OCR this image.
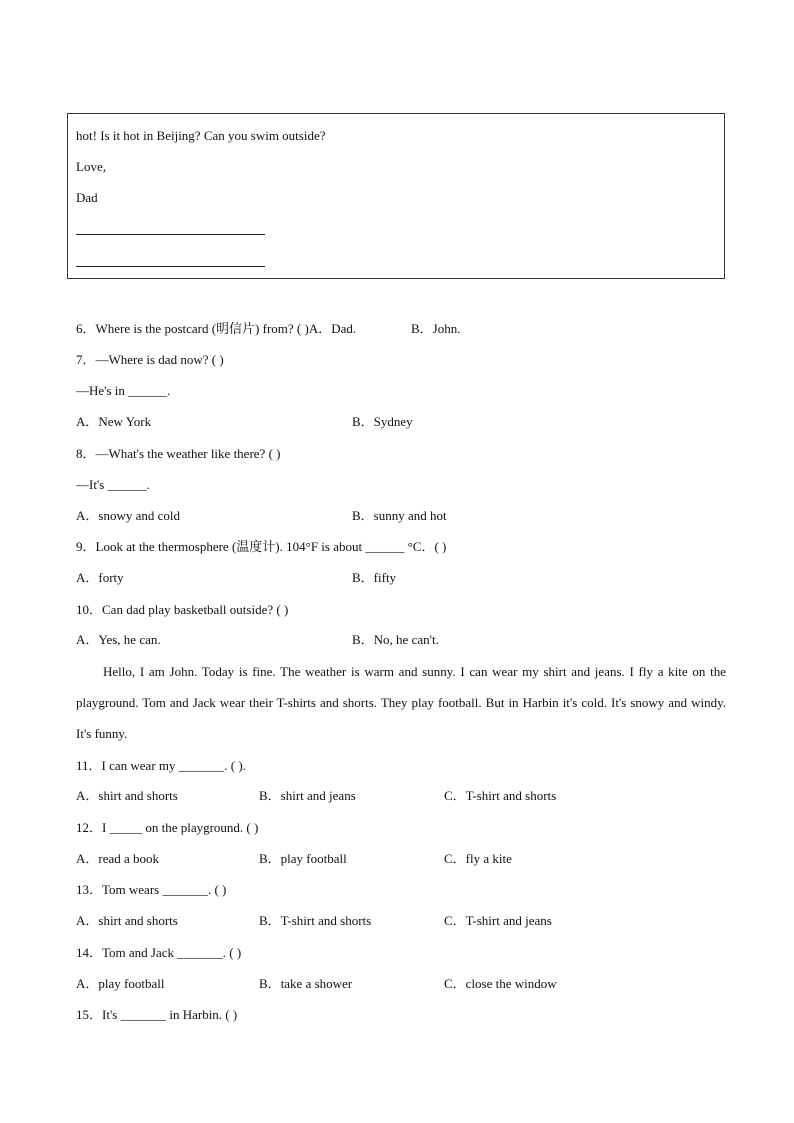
hot! Is it hot in Beijing? Can you swim outside?
Love,
Dad
6．Where is the postcard (明信片) from? ( )A．Dad.	B．John.
7．—Where is dad now? ( )
—He's in ______.
A．New York	B．Sydney
8．—What's the weather like there? ( )
—It's ______.
A．snowy and cold	B．sunny and hot
9．Look at the thermosphere (温度计). 104°F is about ______ °C．( )
A．forty	B．fifty
10．Can dad play basketball outside? ( )
A．Yes, he can.	B．No, he can't.
Hello, I am John. Today is fine. The weather is warm and sunny. I can wear my shirt and jeans. I fly a kite on the playground. Tom and Jack wear their T-shirts and shorts. They play football. But in Harbin it's cold. It's snowy and windy. It's funny.
11．I can wear my _______. ( ).
A．shirt and shorts	B．shirt and jeans	C．T-shirt and shorts
12．I _____ on the playground. ( )
A．read a book	B．play football	C．fly a kite
13．Tom wears _______. ( )
A．shirt and shorts	B．T-shirt and shorts	C．T-shirt and jeans
14．Tom and Jack _______. ( )
A．play football	B．take a shower	C．close the window
15．It's _______ in Harbin. ( )
